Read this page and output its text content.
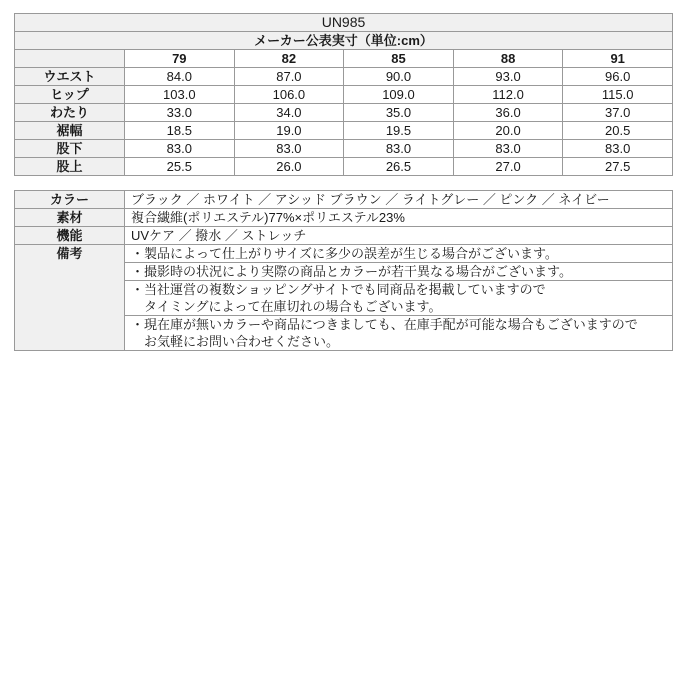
UN985					
メーカー公表実寸（単位:cm）					
	79	82	85	88	91
ウエスト	84.0	87.0	90.0	93.0	96.0
ヒップ	103.0	106.0	109.0	112.0	115.0
わたり	33.0	34.0	35.0	36.0	37.0
裾幅	18.5	19.0	19.5	20.0	20.5
股下	83.0	83.0	83.0	83.0	83.0
股上	25.5	26.0	26.5	27.0	27.5
カラー	ブラック ／ ホワイト ／ アシッド ブラウン ／ ライトグレー ／ ピンク ／ ネイビー
素材	複合繊維(ポリエステル)77%×ポリエステル23%
機能	UVケア ／ 撥水 ／ ストレッチ
備考	・製品によって仕上がりサイズに多少の誤差が生じる場合がございます。

	・撮影時の状況により実際の商品とカラーが若干異なる場合がございます。

	・当社運営の複数ショッピングサイトでも同商品を掲載していますので
タイミングによって在庫切れの場合もございます。

	・現在庫が無いカラーや商品につきましても、在庫手配が可能な場合もございますので
お気軽にお問い合わせください。
